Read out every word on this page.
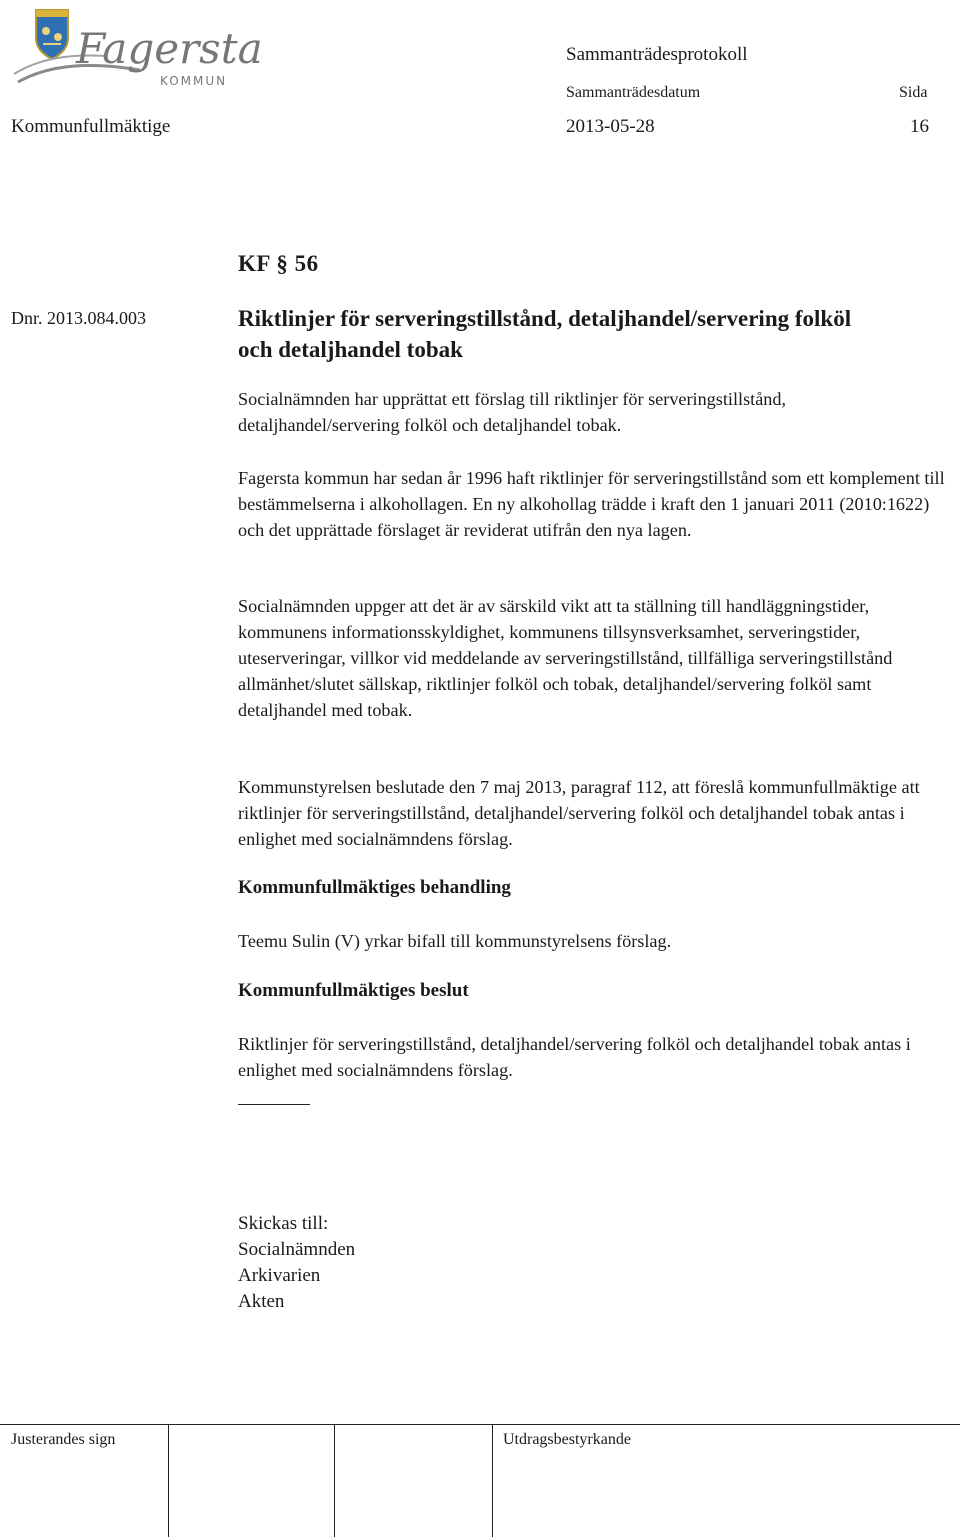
Fagersta
KOMMUN
Sammanträdesprotokoll
Sammanträdesdatum	Sida
Kommunfullmäktige	2013-05-28	16
KF § 56
Dnr. 2013.084.003	Riktlinjer för serveringstillstånd, detaljhandel/servering folköl och detaljhandel tobak

Socialnämnden har upprättat ett förslag till riktlinjer för serveringstillstånd, detaljhandel/servering folköl och detaljhandel tobak.

Fagersta kommun har sedan år 1996 haft riktlinjer för serveringstillstånd som ett komplement till bestämmelserna i alkohollagen. En ny alkohollag trädde i kraft den 1 januari 2011 (2010:1622) och det upprättade förslaget är reviderat utifrån den nya lagen.

Socialnämnden uppger att det är av särskild vikt att ta ställning till handläggningstider, kommunens informationsskyldighet, kommunens tillsynsverksamhet, serveringstider, uteserveringar, villkor vid meddelande av serveringstillstånd, tillfälliga serveringstillstånd allmänhet/slutet sällskap, riktlinjer folköl och tobak, detaljhandel/servering folköl samt detaljhandel med tobak.

Kommunstyrelsen beslutade den 7 maj 2013, paragraf 112, att föreslå kommunfullmäktige att riktlinjer för serveringstillstånd, detaljhandel/servering folköl och detaljhandel tobak antas i enlighet med socialnämndens förslag.

Kommunfullmäktiges behandling

Teemu Sulin (V) yrkar bifall till kommunstyrelsens förslag.

Kommunfullmäktiges beslut

Riktlinjer för serveringstillstånd, detaljhandel/servering folköl och detaljhandel tobak antas i enlighet med socialnämndens förslag.

Skickas till:
Socialnämnden
Arkivarien
Akten
Justerandes sign	Utdragsbestyrkande
